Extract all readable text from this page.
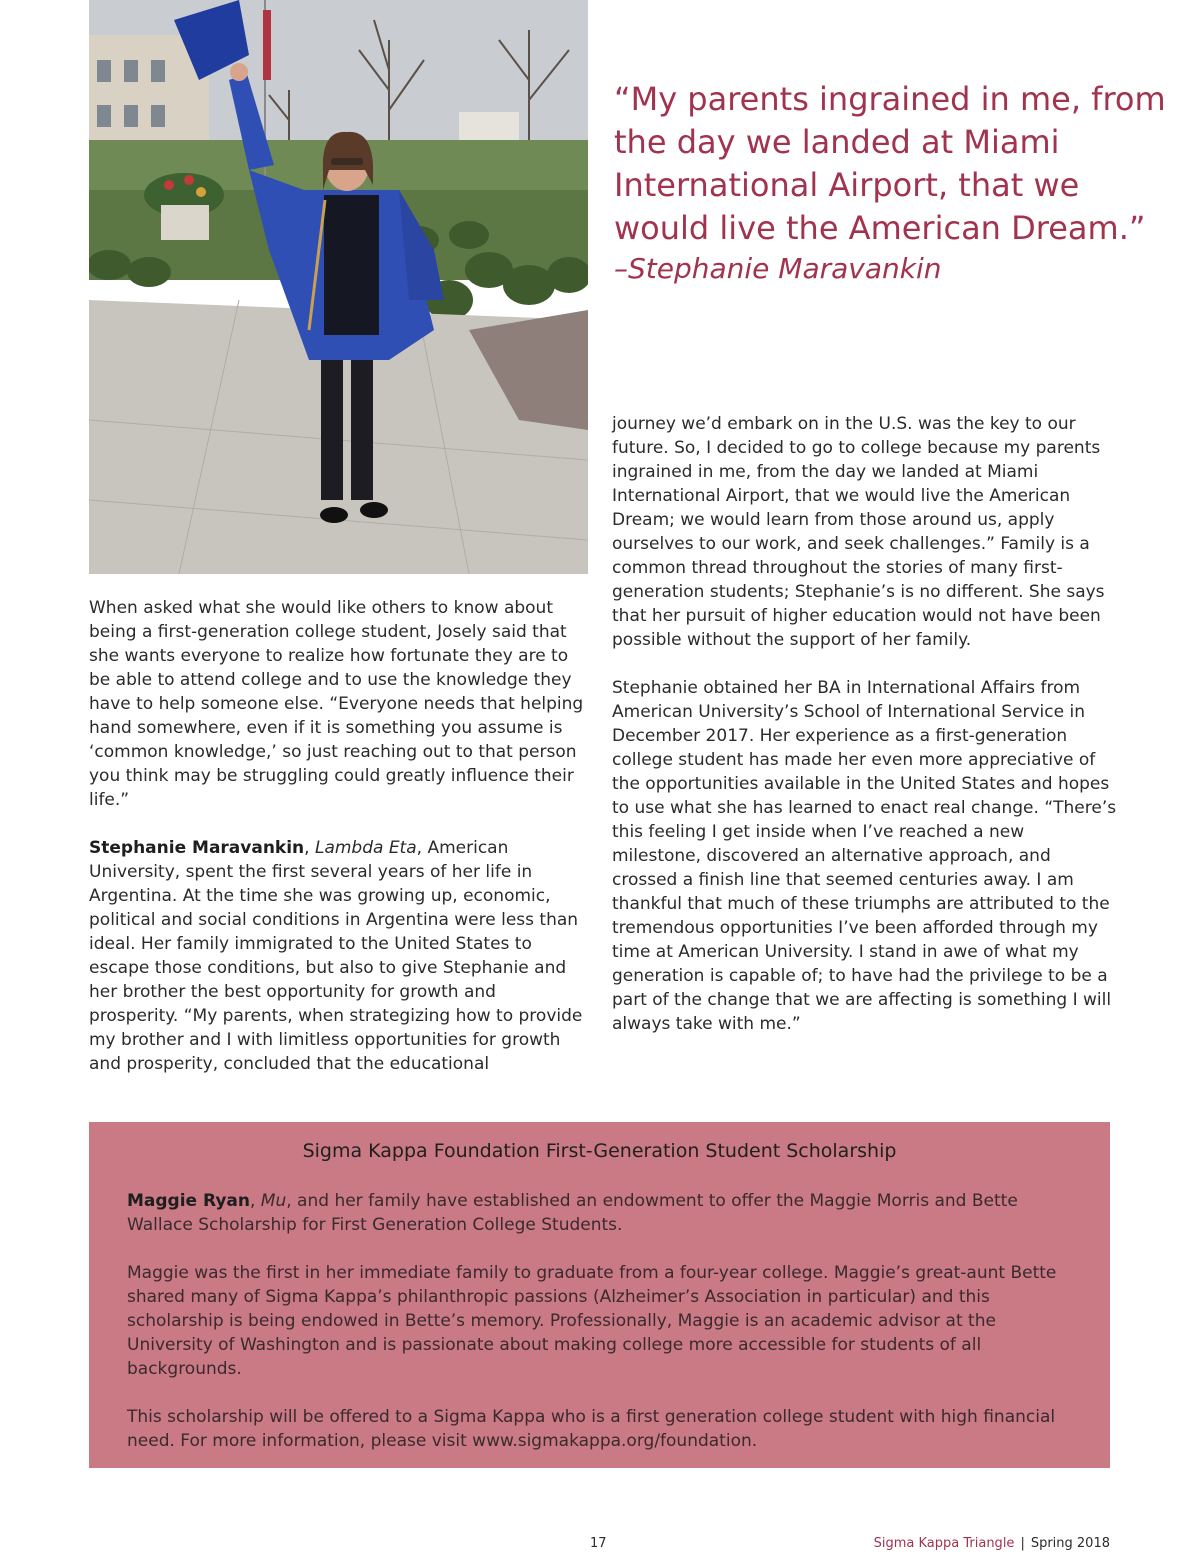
“My parents ingrained in me, from the day we landed at Miami International Airport, that we would live the American Dream.”
–Stephanie Maravankin

When asked what she would like others to know about being a first-generation college student, Josely said that she wants everyone to realize how fortunate they are to be able to attend college and to use the knowledge they have to help someone else. “Everyone needs that helping hand somewhere, even if it is something you assume is ‘common knowledge,’ so just reaching out to that person you think may be struggling could greatly influence their life.”

Stephanie Maravankin, Lambda Eta, American University, spent the first several years of her life in Argentina. At the time she was growing up, economic, political and social conditions in Argentina were less than ideal. Her family immigrated to the United States to escape those conditions, but also to give Stephanie and her brother the best opportunity for growth and prosperity. “My parents, when strategizing how to provide my brother and I with limitless opportunities for growth and prosperity, concluded that the educational

journey we’d embark on in the U.S. was the key to our future. So, I decided to go to college because my parents ingrained in me, from the day we landed at Miami International Airport, that we would live the American Dream; we would learn from those around us, apply ourselves to our work, and seek challenges.” Family is a common thread throughout the stories of many first-generation students; Stephanie’s is no different. She says that her pursuit of higher education would not have been possible without the support of her family.

Stephanie obtained her BA in International Affairs from American University’s School of International Service in December 2017. Her experience as a first-generation college student has made her even more appreciative of the opportunities available in the United States and hopes to use what she has learned to enact real change. “There’s this feeling I get inside when I’ve reached a new milestone, discovered an alternative approach, and crossed a finish line that seemed centuries away. I am thankful that much of these triumphs are attributed to the tremendous opportunities I’ve been afforded through my time at American University. I stand in awe of what my generation is capable of; to have had the privilege to be a part of the change that we are affecting is something I will always take with me.”

Sigma Kappa Foundation First-Generation Student Scholarship

Maggie Ryan, Mu, and her family have established an endowment to offer the Maggie Morris and Bette Wallace Scholarship for First Generation College Students.

Maggie was the first in her immediate family to graduate from a four-year college. Maggie’s great-aunt Bette shared many of Sigma Kappa’s philanthropic passions (Alzheimer’s Association in particular) and this scholarship is being endowed in Bette’s memory. Professionally, Maggie is an academic advisor at the University of Washington and is passionate about making college more accessible for students of all backgrounds.

This scholarship will be offered to a Sigma Kappa who is a first generation college student with high financial need. For more information, please visit www.sigmakappa.org/foundation.

17	Sigma Kappa Triangle | Spring 2018
